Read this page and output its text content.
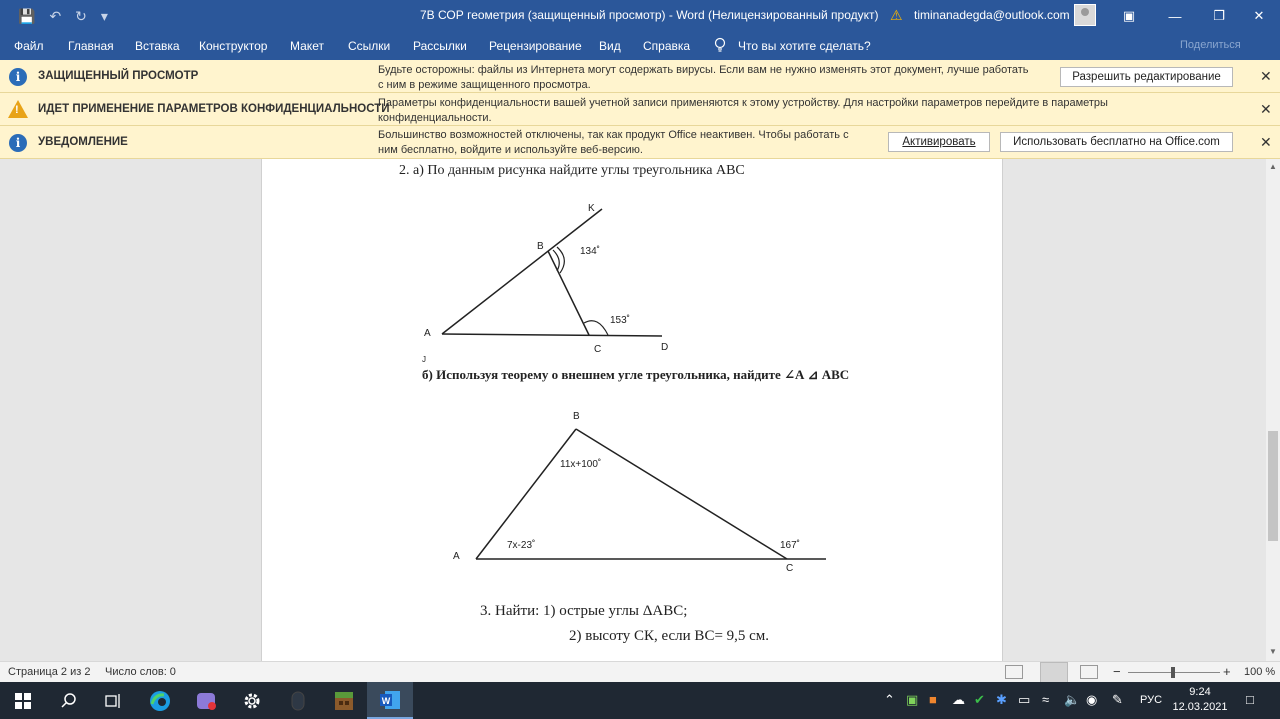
💾 ↶ ↻ ▾	7В СОР геометрия (защищенный просмотр) - Word (Нелицензированный продукт) ⚠ timinanadegda@outlook.com	▣	—	❐	✕
Файл Главная Вставка Конструктор Макет Ссылки Рассылки Рецензирование Вид Справка	Что вы хотите сделать?	Поделиться
i	ЗАЩИЩЕННЫЙ ПРОСМОТР	Будьте осторожны: файлы из Интернета могут содержать вирусы. Если вам не нужно изменять этот документ, лучше работать
с ним в режиме защищенного просмотра.
Разрешить редактирование	✕
! ИДЕТ ПРИМЕНЕНИЕ ПАРАМЕТРОВ КОНФИДЕНЦИАЛЬНОСТИ
Параметры конфиденциальности вашей учетной записи применяются к этому устройству. Для настройки параметров перейдите в параметры
конфиденциальности.
✕
i	УВЕДОМЛЕНИЕ
Большинство возможностей отключены, так как продукт Office неактивен. Чтобы работать с
ним бесплатно, войдите и используйте веб-версию.
Активировать	Использовать бесплатно на Office.com	✕
2. а) По данным рисунка найдите углы треугольника АВС
K
B	134˚
153˚
A
C	D
J
б) Используя теорему о внешнем угле треугольника, найдите ∠А ⊿ АВС
B
11x+100˚
7x-23˚	167˚
A
C
3. Найти: 1) острые углы ΔАВС;
2) высоту СК, если ВС= 9,5 см.
▲
▼
Страница 2 из 2 Число слов: 0	−	+ 100 %
W	⌃ ▣ ■ ☁ ✔ ✱ ▭ ≈ 🔈 ◉ ✎ РУС
9:24
12.03.2021 □
